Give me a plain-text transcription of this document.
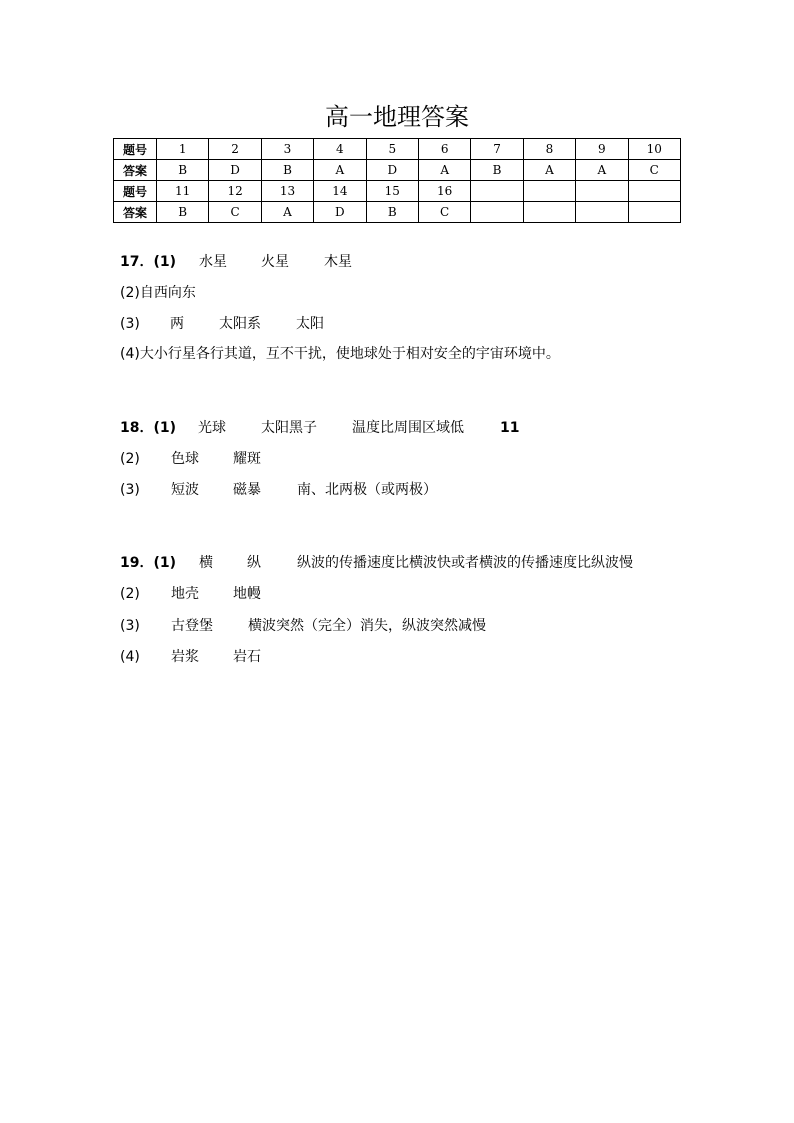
高一地理答案
题号	1	2	3	4	5	6	7	8	9	10
答案	B	D	B	A	D	A	B	A	A	C
题号	11	12	13	14	15	16				
答案	B	C	A	D	B	C				
17．(1) 水星 火星	木星
(2)自西向东
(3) 两	太阳系	太阳
(4)大小行星各行其道，互不干扰，使地球处于相对安全的宇宙环境中。
18．(1) 光球	太阳黑子	温度比周围区域低	11
(2) 色球 耀斑
(3) 短波 磁暴	南、北两极（或两极）
19．(1) 横 纵	纵波的传播速度比横波快或者横波的传播速度比纵波慢
(2) 地壳 地幔
(3) 古登堡	横波突然（完全）消失，纵波突然减慢
(4) 岩浆 岩石
